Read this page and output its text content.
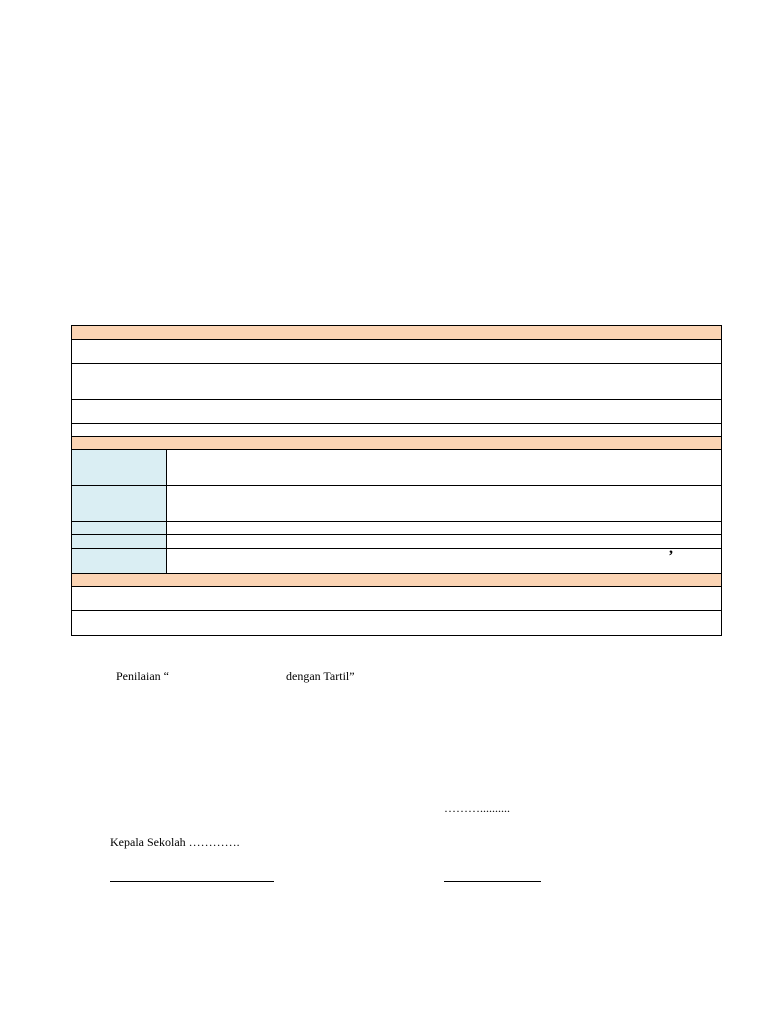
,
Penilaian “	dengan Tartil”
………..........
Kepala Sekolah ………….
